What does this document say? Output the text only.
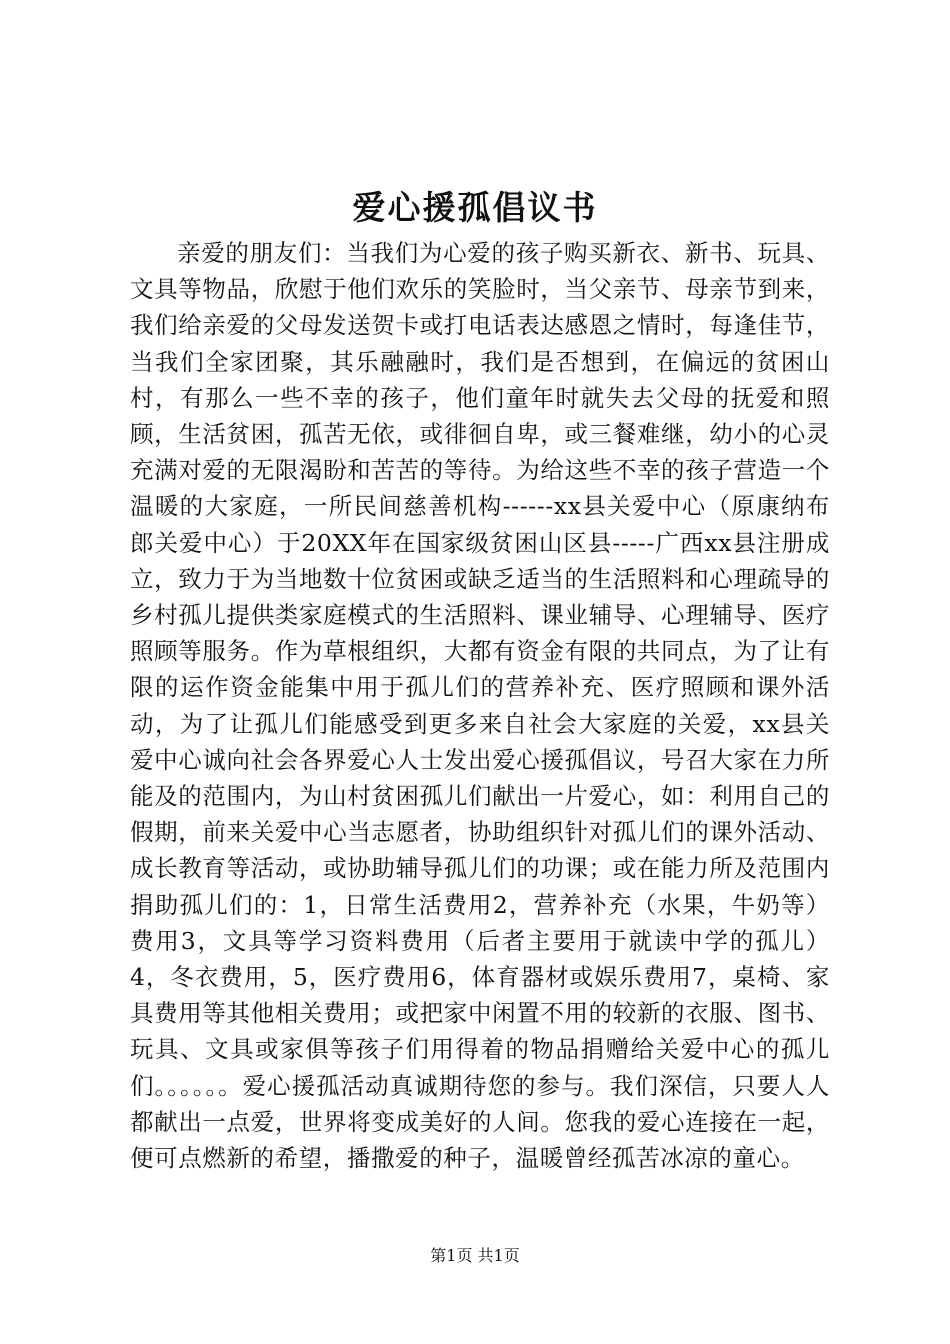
爱心援孤倡议书

亲爱的朋友们：当我们为心爱的孩子购买新衣、新书、玩具、文具等物品，欣慰于他们欢乐的笑脸时，当父亲节、母亲节到来，我们给亲爱的父母发送贺卡或打电话表达感恩之情时，每逢佳节，当我们全家团聚，其乐融融时，我们是否想到，在偏远的贫困山村，有那么一些不幸的孩子，他们童年时就失去父母的抚爱和照顾，生活贫困，孤苦无依，或徘徊自卑，或三餐难继，幼小的心灵充满对爱的无限渴盼和苦苦的等待。为给这些不幸的孩子营造一个温暖的大家庭，一所民间慈善机构------xx县关爱中心（原康纳布郎关爱中心）于20XX年在国家级贫困山区县-----广西xx县注册成立，致力于为当地数十位贫困或缺乏适当的生活照料和心理疏导的乡村孤儿提供类家庭模式的生活照料、课业辅导、心理辅导、医疗照顾等服务。作为草根组织，大都有资金有限的共同点，为了让有限的运作资金能集中用于孤儿们的营养补充、医疗照顾和课外活动，为了让孤儿们能感受到更多来自社会大家庭的关爱，xx县关爱中心诚向社会各界爱心人士发出爱心援孤倡议，号召大家在力所能及的范围内，为山村贫困孤儿们献出一片爱心，如：利用自己的假期，前来关爱中心当志愿者，协助组织针对孤儿们的课外活动、成长教育等活动，或协助辅导孤儿们的功课；或在能力所及范围内捐助孤儿们的：1，日常生活费用2，营养补充（水果，牛奶等）费用3，文具等学习资料费用（后者主要用于就读中学的孤儿）4，冬衣费用，5，医疗费用6，体育器材或娱乐费用7，桌椅、家具费用等其他相关费用；或把家中闲置不用的较新的衣服、图书、玩具、文具或家俱等孩子们用得着的物品捐赠给关爱中心的孤儿们。。。。。。爱心援孤活动真诚期待您的参与。我们深信，只要人人都献出一点爱，世界将变成美好的人间。您我的爱心连接在一起，便可点燃新的希望，播撒爱的种子，温暖曾经孤苦冰凉的童心。

第1页 共1页
